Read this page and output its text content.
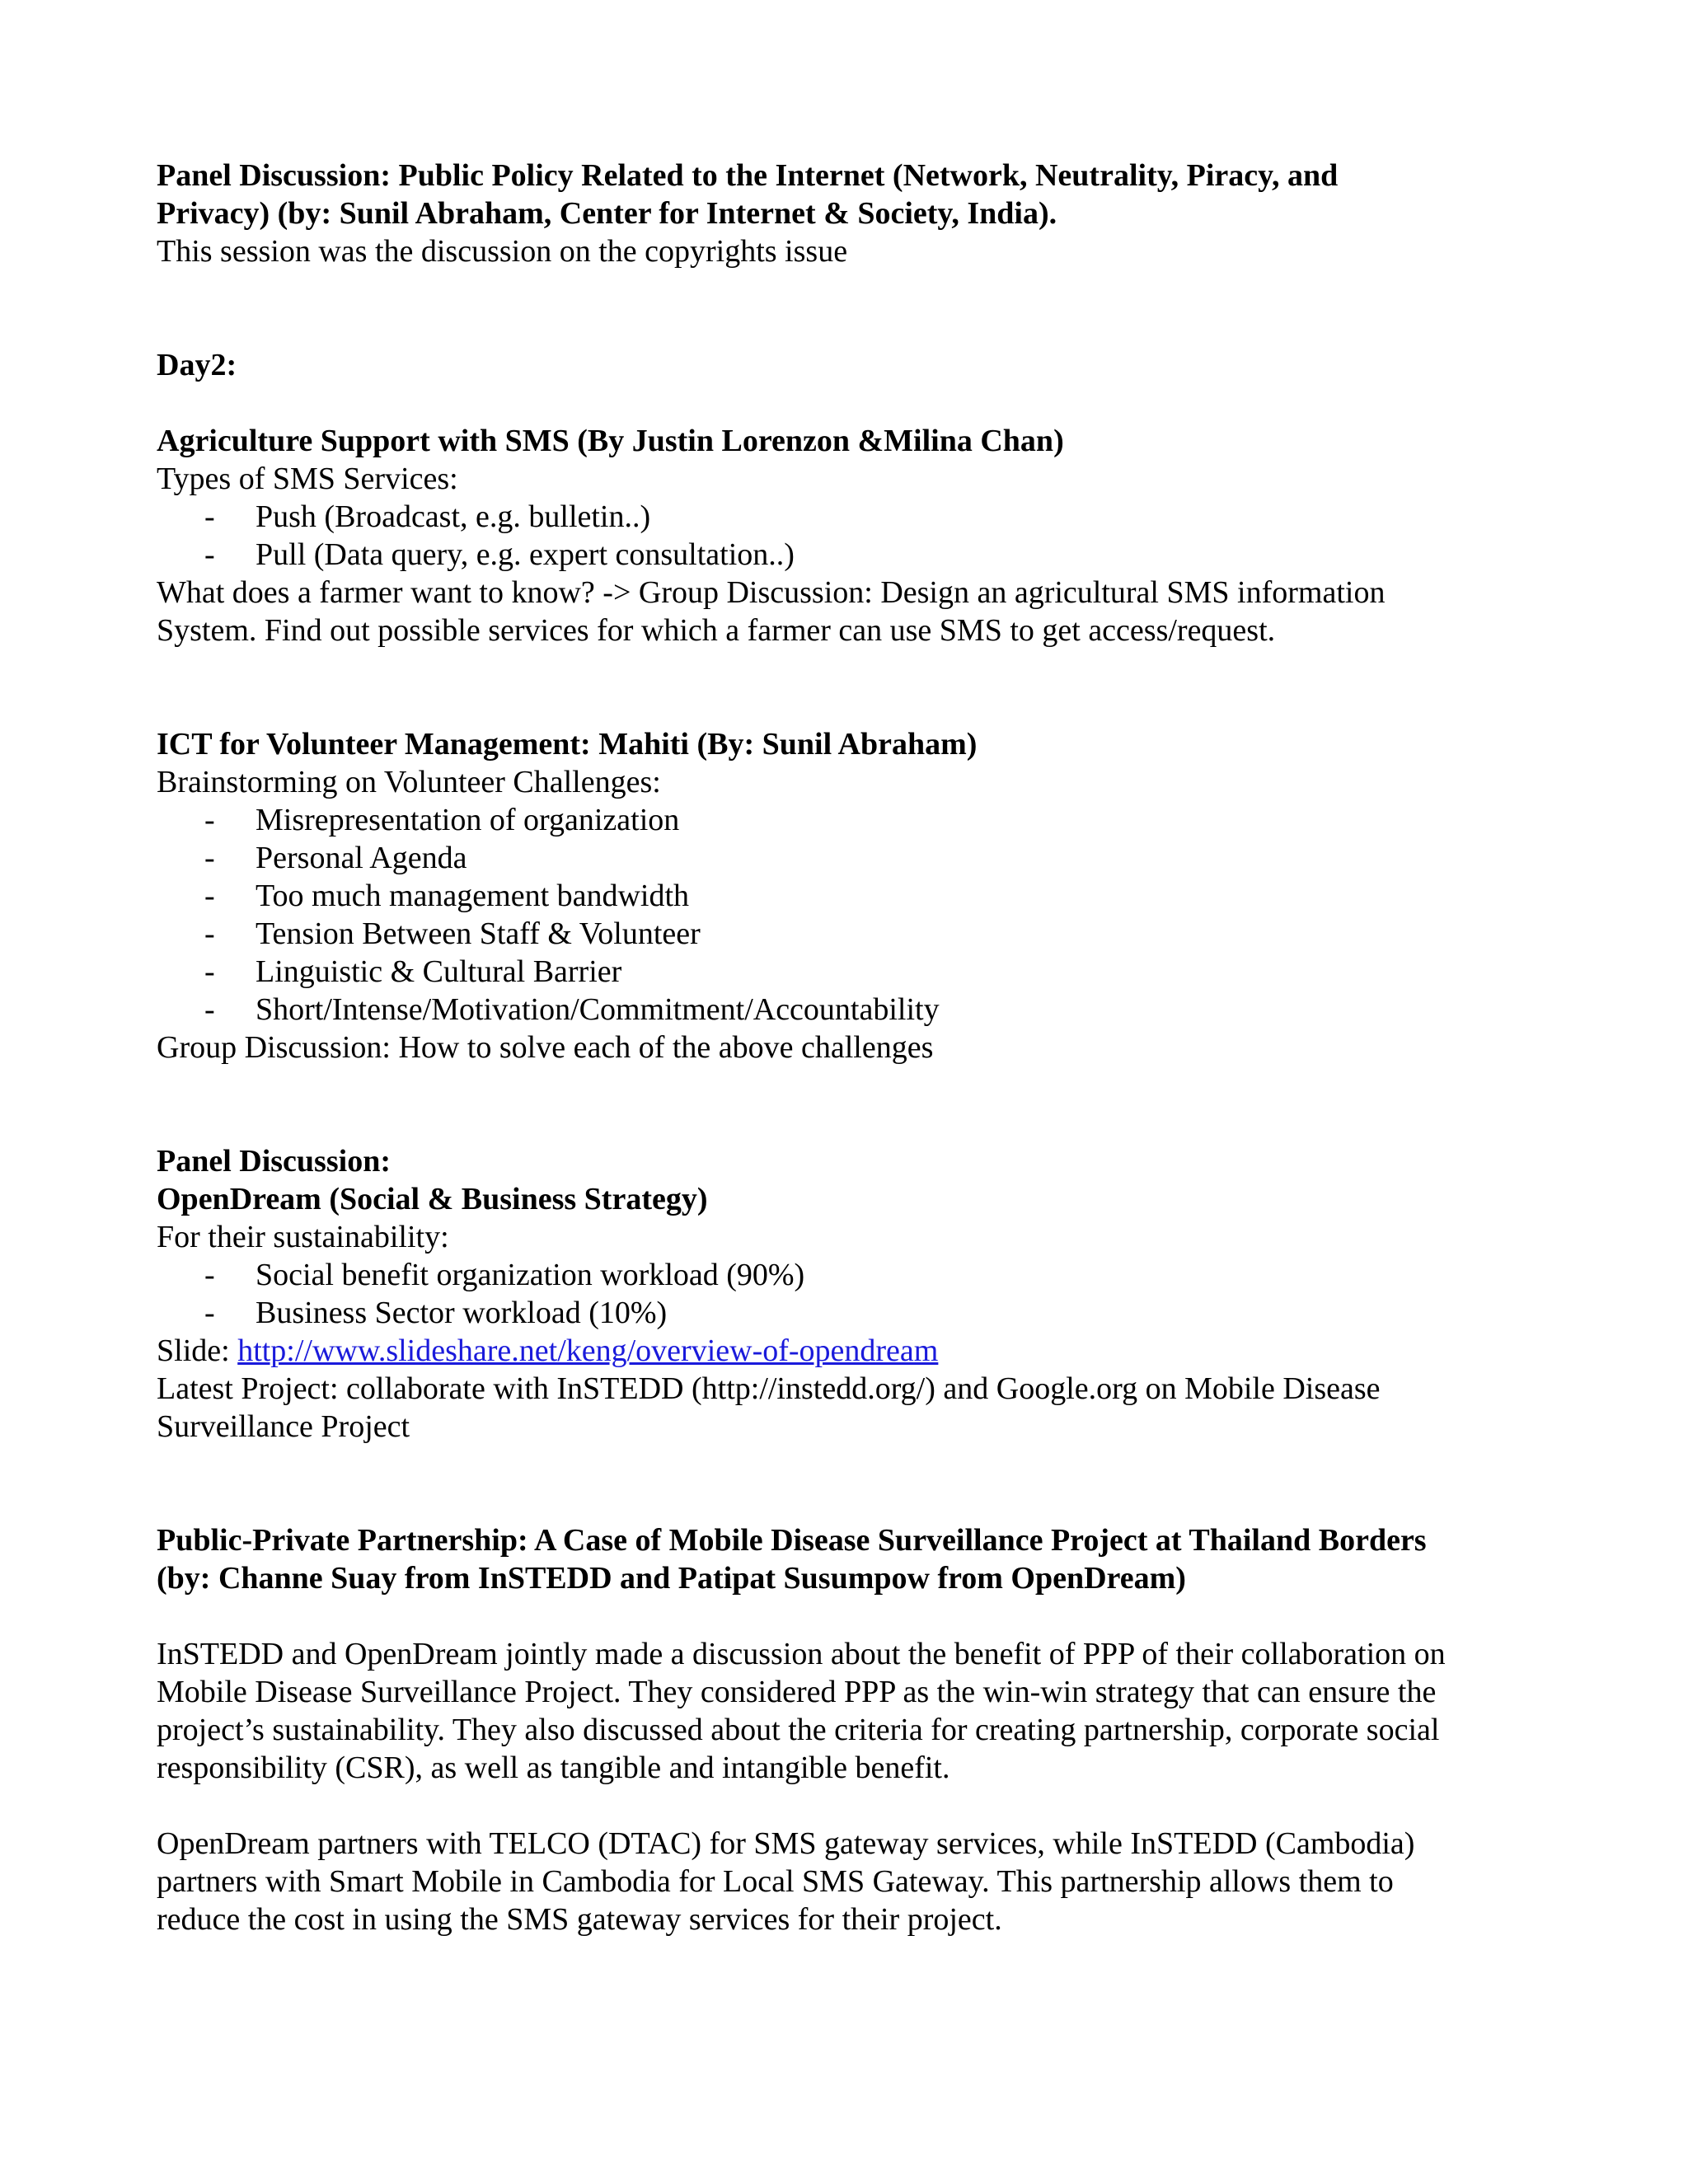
Panel Discussion: Public Policy Related to the Internet (Network, Neutrality, Piracy, and
Privacy) (by: Sunil Abraham, Center for Internet & Society, India).
This session was the discussion on the copyrights issue
Day2:
Agriculture Support with SMS (By Justin Lorenzon &Milina Chan)
Types of SMS Services:
- Push (Broadcast, e.g. bulletin..)
- Pull (Data query, e.g. expert consultation..)
What does a farmer want to know? -> Group Discussion: Design an agricultural SMS information
System. Find out possible services for which a farmer can use SMS to get access/request.
ICT for Volunteer Management: Mahiti (By: Sunil Abraham)
Brainstorming on Volunteer Challenges:
- Misrepresentation of organization
- Personal Agenda
- Too much management bandwidth
- Tension Between Staff & Volunteer
- Linguistic & Cultural Barrier
- Short/Intense/Motivation/Commitment/Accountability
Group Discussion: How to solve each of the above challenges
Panel Discussion:
OpenDream (Social & Business Strategy)
For their sustainability:
- Social benefit organization workload (90%)
- Business Sector workload (10%)
Slide: http://www.slideshare.net/keng/overview-of-opendream
Latest Project: collaborate with InSTEDD (http://instedd.org/) and Google.org on Mobile Disease
Surveillance Project
Public-Private Partnership: A Case of Mobile Disease Surveillance Project at Thailand Borders
(by: Channe Suay from InSTEDD and Patipat Susumpow from OpenDream)

InSTEDD and OpenDream jointly made a discussion about the benefit of PPP of their collaboration on
Mobile Disease Surveillance Project. They considered PPP as the win-win strategy that can ensure the
project’s sustainability. They also discussed about the criteria for creating partnership, corporate social
responsibility (CSR), as well as tangible and intangible benefit.

OpenDream partners with TELCO (DTAC) for SMS gateway services, while InSTEDD (Cambodia)
partners with Smart Mobile in Cambodia for Local SMS Gateway. This partnership allows them to
reduce the cost in using the SMS gateway services for their project.
